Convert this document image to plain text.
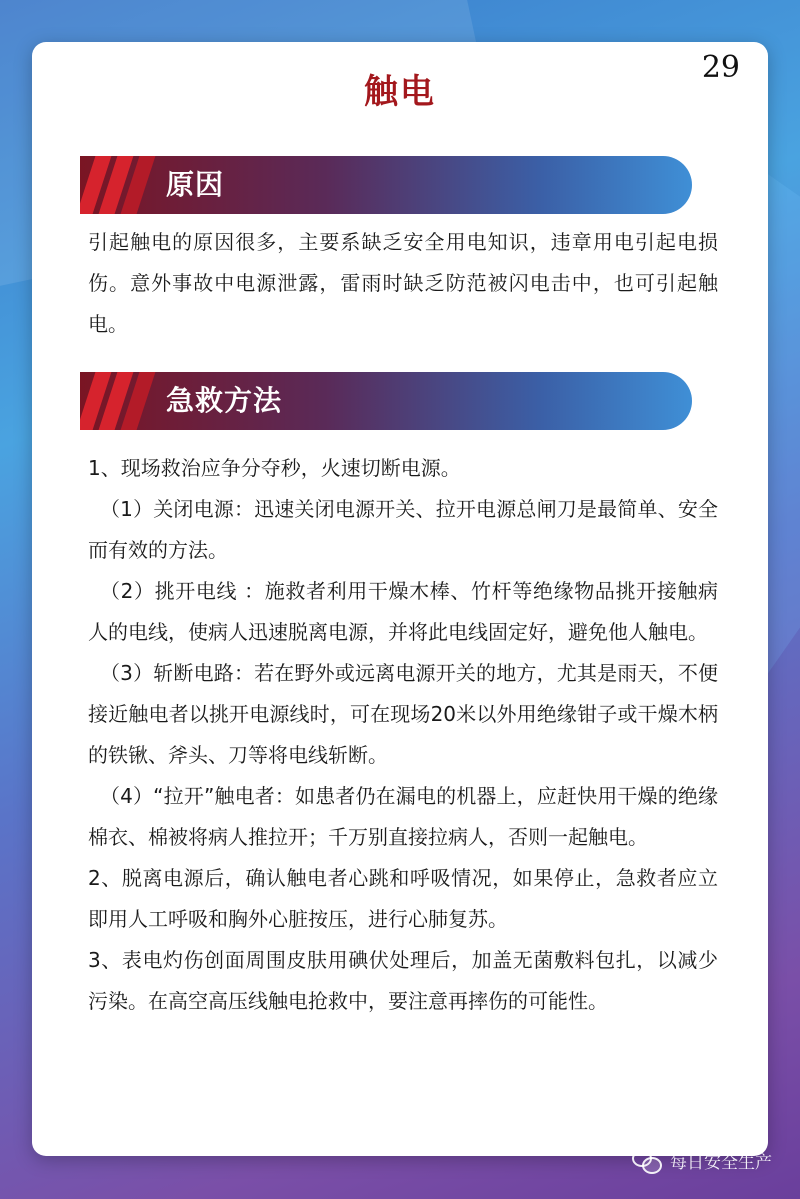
29
触电
原因

引起触电的原因很多，主要系缺乏安全用电知识，违章用电引起电损伤。意外事故中电源泄露，雷雨时缺乏防范被闪电击中，也可引起触电。

急救方法

1、现场救治应争分夺秒，火速切断电源。

（1）关闭电源：迅速关闭电源开关、拉开电源总闸刀是最简单、安全而有效的方法。

（2）挑开电线 ：施救者利用干燥木棒、竹杆等绝缘物品挑开接触病人的电线，使病人迅速脱离电源，并将此电线固定好，避免他人触电。

（3）斩断电路：若在野外或远离电源开关的地方，尤其是雨天，不便接近触电者以挑开电源线时，可在现场20米以外用绝缘钳子或干燥木柄的铁锹、斧头、刀等将电线斩断。

（4）“拉开”触电者：如患者仍在漏电的机器上，应赶快用干燥的绝缘棉衣、棉被将病人推拉开；千万别直接拉病人，否则一起触电。

2、脱离电源后，确认触电者心跳和呼吸情况，如果停止，急救者应立即用人工呼吸和胸外心脏按压，进行心肺复苏。

3、表电灼伤创面周围皮肤用碘伏处理后，加盖无菌敷料包扎，以减少污染。在高空高压线触电抢救中，要注意再摔伤的可能性。

每日安全生产
